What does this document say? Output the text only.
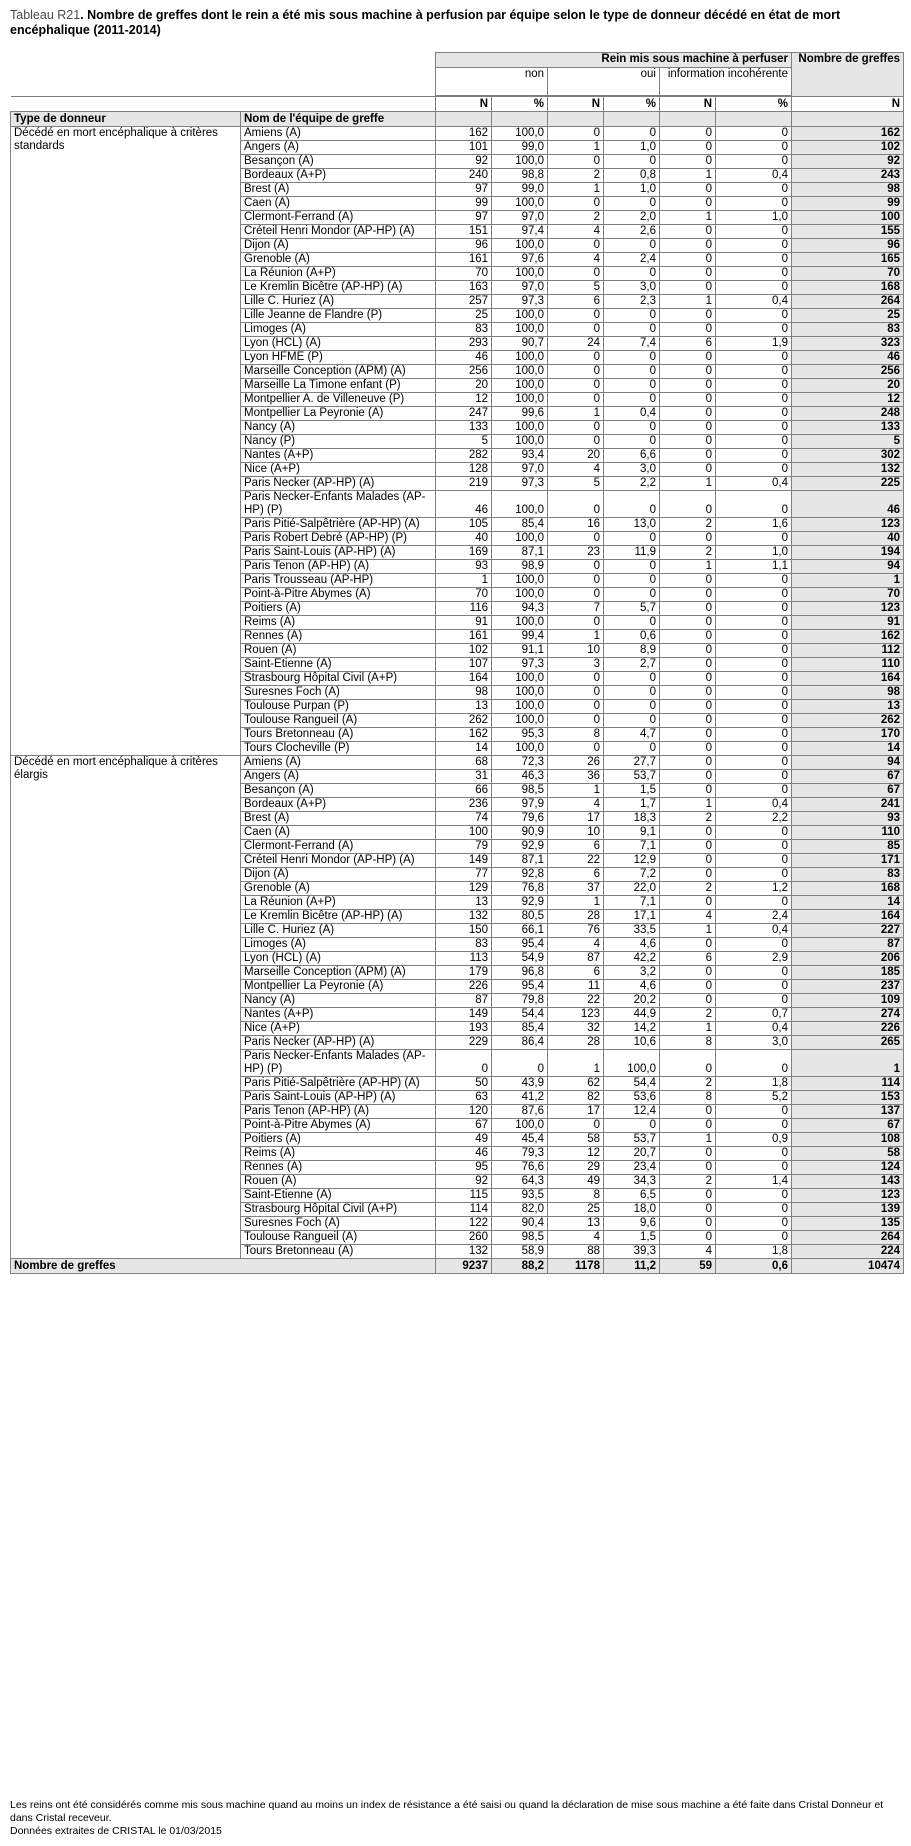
Tableau R21. Nombre de greffes dont le rein a été mis sous machine à perfusion par équipe selon le type de donneur décédé en état de mort encéphalique (2011-2014)
		Rein mis sous machine à perfuser						Nombre de greffes
		non		oui		information incohérente		

		N	%	N	%	N	%	N
Type de donneur	Nom de l'équipe de greffe							
Décédé en mort encéphalique à critères standards	Amiens (A)	162	100,0	0	0	0	0	162
	Angers (A)	101	99,0	1	1,0	0	0	102
	Besançon (A)	92	100,0	0	0	0	0	92
	Bordeaux (A+P)	240	98,8	2	0,8	1	0,4	243
	Brest (A)	97	99,0	1	1,0	0	0	98
	Caen (A)	99	100,0	0	0	0	0	99
	Clermont-Ferrand (A)	97	97,0	2	2,0	1	1,0	100
	Créteil Henri Mondor (AP-HP) (A)	151	97,4	4	2,6	0	0	155
	Dijon (A)	96	100,0	0	0	0	0	96
	Grenoble (A)	161	97,6	4	2,4	0	0	165
	La Réunion (A+P)	70	100,0	0	0	0	0	70
	Le Kremlin Bicêtre (AP-HP) (A)	163	97,0	5	3,0	0	0	168
	Lille C. Huriez (A)	257	97,3	6	2,3	1	0,4	264
	Lille Jeanne de Flandre (P)	25	100,0	0	0	0	0	25
	Limoges (A)	83	100,0	0	0	0	0	83
	Lyon (HCL) (A)	293	90,7	24	7,4	6	1,9	323
	Lyon HFME (P)	46	100,0	0	0	0	0	46
	Marseille Conception (APM) (A)	256	100,0	0	0	0	0	256
	Marseille La Timone enfant (P)	20	100,0	0	0	0	0	20
	Montpellier A. de Villeneuve (P)	12	100,0	0	0	0	0	12
	Montpellier La Peyronie (A)	247	99,6	1	0,4	0	0	248
	Nancy (A)	133	100,0	0	0	0	0	133
	Nancy (P)	5	100,0	0	0	0	0	5
	Nantes (A+P)	282	93,4	20	6,6	0	0	302
	Nice (A+P)	128	97,0	4	3,0	0	0	132
	Paris Necker (AP-HP) (A)	219	97,3	5	2,2	1	0,4	225
	Paris Necker-Enfants Malades (AP-HP) (P)	46	100,0	0	0	0	0	46
	Paris Pitié-Salpêtrière (AP-HP) (A)	105	85,4	16	13,0	2	1,6	123
	Paris Robert Debré (AP-HP) (P)	40	100,0	0	0	0	0	40
	Paris Saint-Louis (AP-HP) (A)	169	87,1	23	11,9	2	1,0	194
	Paris Tenon (AP-HP) (A)	93	98,9	0	0	1	1,1	94
	Paris Trousseau (AP-HP)	1	100,0	0	0	0	0	1
	Point-à-Pitre Abymes (A)	70	100,0	0	0	0	0	70
	Poitiers (A)	116	94,3	7	5,7	0	0	123
	Reims (A)	91	100,0	0	0	0	0	91
	Rennes (A)	161	99,4	1	0,6	0	0	162
	Rouen (A)	102	91,1	10	8,9	0	0	112
	Saint-Etienne (A)	107	97,3	3	2,7	0	0	110
	Strasbourg Hôpital Civil (A+P)	164	100,0	0	0	0	0	164
	Suresnes Foch (A)	98	100,0	0	0	0	0	98
	Toulouse Purpan (P)	13	100,0	0	0	0	0	13
	Toulouse Rangueil (A)	262	100,0	0	0	0	0	262
	Tours Bretonneau (A)	162	95,3	8	4,7	0	0	170
	Tours Clocheville (P)	14	100,0	0	0	0	0	14
Décédé en mort encéphalique à critères élargis	Amiens (A)	68	72,3	26	27,7	0	0	94
	Angers (A)	31	46,3	36	53,7	0	0	67
	Besançon (A)	66	98,5	1	1,5	0	0	67
	Bordeaux (A+P)	236	97,9	4	1,7	1	0,4	241
	Brest (A)	74	79,6	17	18,3	2	2,2	93
	Caen (A)	100	90,9	10	9,1	0	0	110
	Clermont-Ferrand (A)	79	92,9	6	7,1	0	0	85
	Créteil Henri Mondor (AP-HP) (A)	149	87,1	22	12,9	0	0	171
	Dijon (A)	77	92,8	6	7,2	0	0	83
	Grenoble (A)	129	76,8	37	22,0	2	1,2	168
	La Réunion (A+P)	13	92,9	1	7,1	0	0	14
	Le Kremlin Bicêtre (AP-HP) (A)	132	80,5	28	17,1	4	2,4	164
	Lille C. Huriez (A)	150	66,1	76	33,5	1	0,4	227
	Limoges (A)	83	95,4	4	4,6	0	0	87
	Lyon (HCL) (A)	113	54,9	87	42,2	6	2,9	206
	Marseille Conception (APM) (A)	179	96,8	6	3,2	0	0	185
	Montpellier La Peyronie (A)	226	95,4	11	4,6	0	0	237
	Nancy (A)	87	79,8	22	20,2	0	0	109
	Nantes (A+P)	149	54,4	123	44,9	2	0,7	274
	Nice (A+P)	193	85,4	32	14,2	1	0,4	226
	Paris Necker (AP-HP) (A)	229	86,4	28	10,6	8	3,0	265
	Paris Necker-Enfants Malades (AP-HP) (P)	0	0	1	100,0	0	0	1
	Paris Pitié-Salpêtrière (AP-HP) (A)	50	43,9	62	54,4	2	1,8	114
	Paris Saint-Louis (AP-HP) (A)	63	41,2	82	53,6	8	5,2	153
	Paris Tenon (AP-HP) (A)	120	87,6	17	12,4	0	0	137
	Point-à-Pitre Abymes (A)	67	100,0	0	0	0	0	67
	Poitiers (A)	49	45,4	58	53,7	1	0,9	108
	Reims (A)	46	79,3	12	20,7	0	0	58
	Rennes (A)	95	76,6	29	23,4	0	0	124
	Rouen (A)	92	64,3	49	34,3	2	1,4	143
	Saint-Etienne (A)	115	93,5	8	6,5	0	0	123
	Strasbourg Hôpital Civil (A+P)	114	82,0	25	18,0	0	0	139
	Suresnes Foch (A)	122	90,4	13	9,6	0	0	135
	Toulouse Rangueil (A)	260	98,5	4	1,5	0	0	264
	Tours Bretonneau (A)	132	58,9	88	39,3	4	1,8	224
Nombre de greffes		9237	88,2	1178	11,2	59	0,6	10474
Les reins ont été considérés comme mis sous machine quand au moins un index de résistance a été saisi ou quand la déclaration de mise sous machine a été faite dans Cristal Donneur et dans Cristal receveur.
Données extraites de CRISTAL le 01/03/2015
